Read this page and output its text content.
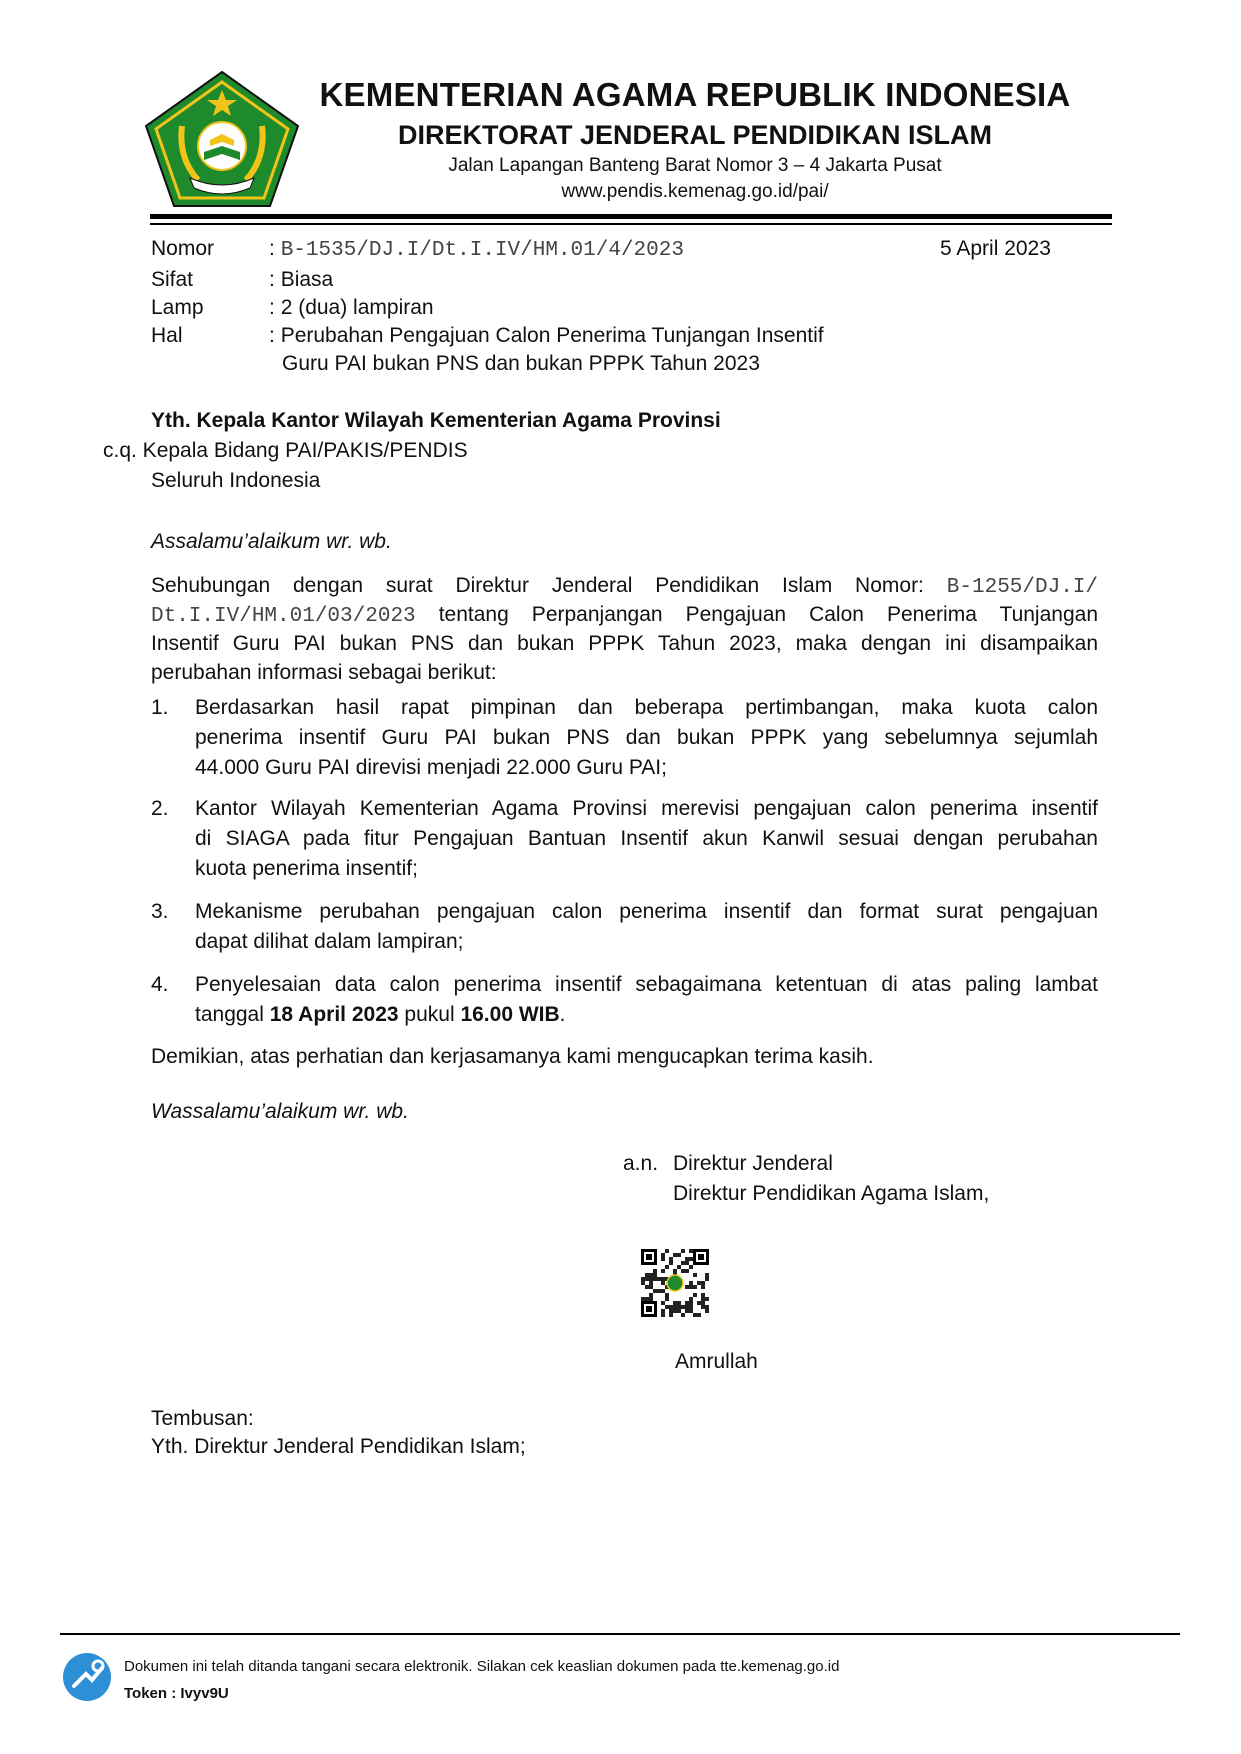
KEMENTERIAN AGAMA REPUBLIK INDONESIA
DIREKTORAT JENDERAL PENDIDIKAN ISLAM
Jalan Lapangan Banteng Barat Nomor 3 – 4 Jakarta Pusat
www.pendis.kemenag.go.id/pai/
Nomor	: B-1535/DJ.I/Dt.I.IV/HM.01/4/2023	5 April 2023
Sifat	: Biasa
Lamp	: 2 (dua) lampiran
Hal	: Perubahan Pengajuan Calon Penerima Tunjangan Insentif
Guru PAI bukan PNS dan bukan PPPK Tahun 2023
Yth. Kepala Kantor Wilayah Kementerian Agama Provinsi
c.q. Kepala Bidang PAI/PAKIS/PENDIS
Seluruh Indonesia
Assalamu’alaikum wr. wb.
Sehubungan dengan surat Direktur Jenderal Pendidikan Islam Nomor: B-1255/DJ.I/
Dt.I.IV/HM.01/03/2023 tentang Perpanjangan Pengajuan Calon Penerima Tunjangan
Insentif Guru PAI bukan PNS dan bukan PPPK Tahun 2023, maka dengan ini disampaikan
perubahan informasi sebagai berikut:
1. Berdasarkan hasil rapat pimpinan dan beberapa pertimbangan, maka kuota calon
penerima insentif Guru PAI bukan PNS dan bukan PPPK yang sebelumnya sejumlah
44.000 Guru PAI direvisi menjadi 22.000 Guru PAI;
2. Kantor Wilayah Kementerian Agama Provinsi merevisi pengajuan calon penerima insentif
di SIAGA pada fitur Pengajuan Bantuan Insentif akun Kanwil sesuai dengan perubahan
kuota penerima insentif;
3. Mekanisme perubahan pengajuan calon penerima insentif dan format surat pengajuan
dapat dilihat dalam lampiran;
4. Penyelesaian data calon penerima insentif sebagaimana ketentuan di atas paling lambat
tanggal 18 April 2023 pukul 16.00 WIB.
Demikian, atas perhatian dan kerjasamanya kami mengucapkan terima kasih.
Wassalamu’alaikum wr. wb.
a.n. Direktur Jenderal
Direktur Pendidikan Agama Islam,
Amrullah
Tembusan:
Yth. Direktur Jenderal Pendidikan Islam;
Dokumen ini telah ditanda tangani secara elektronik. Silakan cek keaslian dokumen pada tte.kemenag.go.id
Token : Ivyv9U
